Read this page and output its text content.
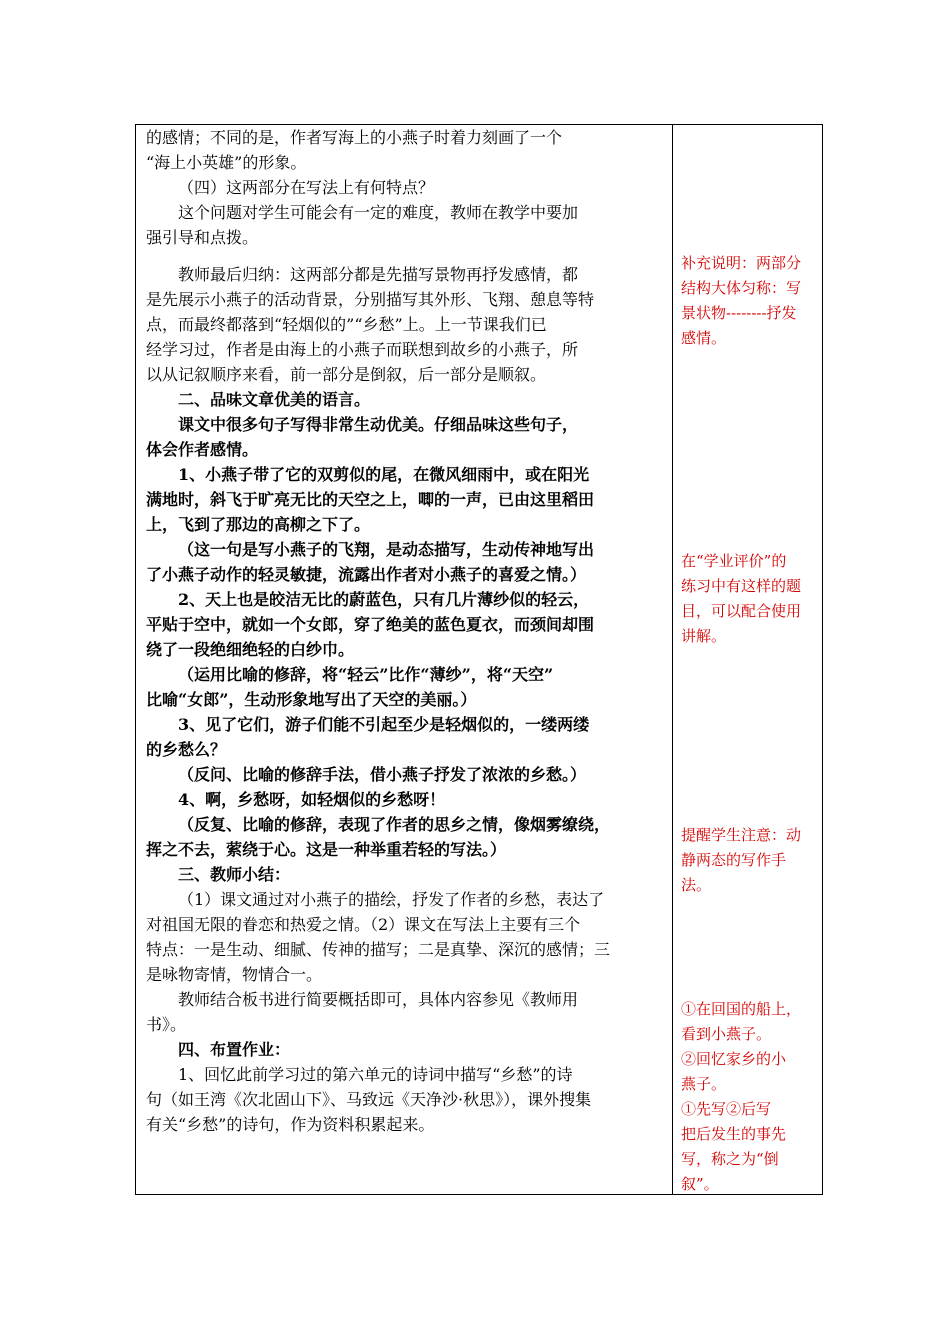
的感情；不同的是，作者写海上的小燕子时着力刻画了一个
“海上小英雄”的形象。
（四）这两部分在写法上有何特点？
这个问题对学生可能会有一定的难度，教师在教学中要加
强引导和点拨。
教师最后归纳：这两部分都是先描写景物再抒发感情，都
是先展示小燕子的活动背景，分别描写其外形、飞翔、憩息等特
点，而最终都落到“轻烟似的”“乡愁”上。上一节课我们已
经学习过，作者是由海上的小燕子而联想到故乡的小燕子，所
以从记叙顺序来看，前一部分是倒叙，后一部分是顺叙。
二、品味文章优美的语言。
课文中很多句子写得非常生动优美。仔细品味这些句子，
体会作者感情。
1、小燕子带了它的双剪似的尾，在微风细雨中，或在阳光
满地时，斜飞于旷亮无比的天空之上，唧的一声，已由这里稻田
上，飞到了那边的高柳之下了。
（这一句是写小燕子的飞翔，是动态描写，生动传神地写出
了小燕子动作的轻灵敏捷，流露出作者对小燕子的喜爱之情。）
2、天上也是皎洁无比的蔚蓝色，只有几片薄纱似的轻云，
平贴于空中，就如一个女郎，穿了绝美的蓝色夏衣，而颈间却围
绕了一段绝细绝轻的白纱巾。
（运用比喻的修辞，将“轻云”比作“薄纱”，将“天空”
比喻“女郎”，生动形象地写出了天空的美丽。）
3、见了它们，游子们能不引起至少是轻烟似的，一缕两缕
的乡愁么？
（反问、比喻的修辞手法，借小燕子抒发了浓浓的乡愁。）
4、啊，乡愁呀，如轻烟似的乡愁呀！
（反复、比喻的修辞，表现了作者的思乡之情，像烟雾缭绕，
挥之不去，萦绕于心。这是一种举重若轻的写法。）
三、教师小结：
（1）课文通过对小燕子的描绘，抒发了作者的乡愁，表达了
对祖国无限的眷恋和热爱之情。（2）课文在写法上主要有三个
特点：一是生动、细腻、传神的描写；二是真挚、深沉的感情；三
是咏物寄情，物情合一。
教师结合板书进行简要概括即可，具体内容参见《教师用
书》。
四、布置作业：
1、回忆此前学习过的第六单元的诗词中描写“乡愁”的诗
句（如王湾《次北固山下》、马致远《天净沙·秋思》），课外搜集
有关“乡愁”的诗句，作为资料积累起来。
补充说明：两部分
结构大体匀称：写
景状物--------抒发
感情。
在“学业评价”的
练习中有这样的题
目，可以配合使用
讲解。
提醒学生注意：动
静两态的写作手
法。
①在回国的船上，
看到小燕子。
②回忆家乡的小
燕子。
①先写②后写
把后发生的事先
写，称之为“倒
叙”。
